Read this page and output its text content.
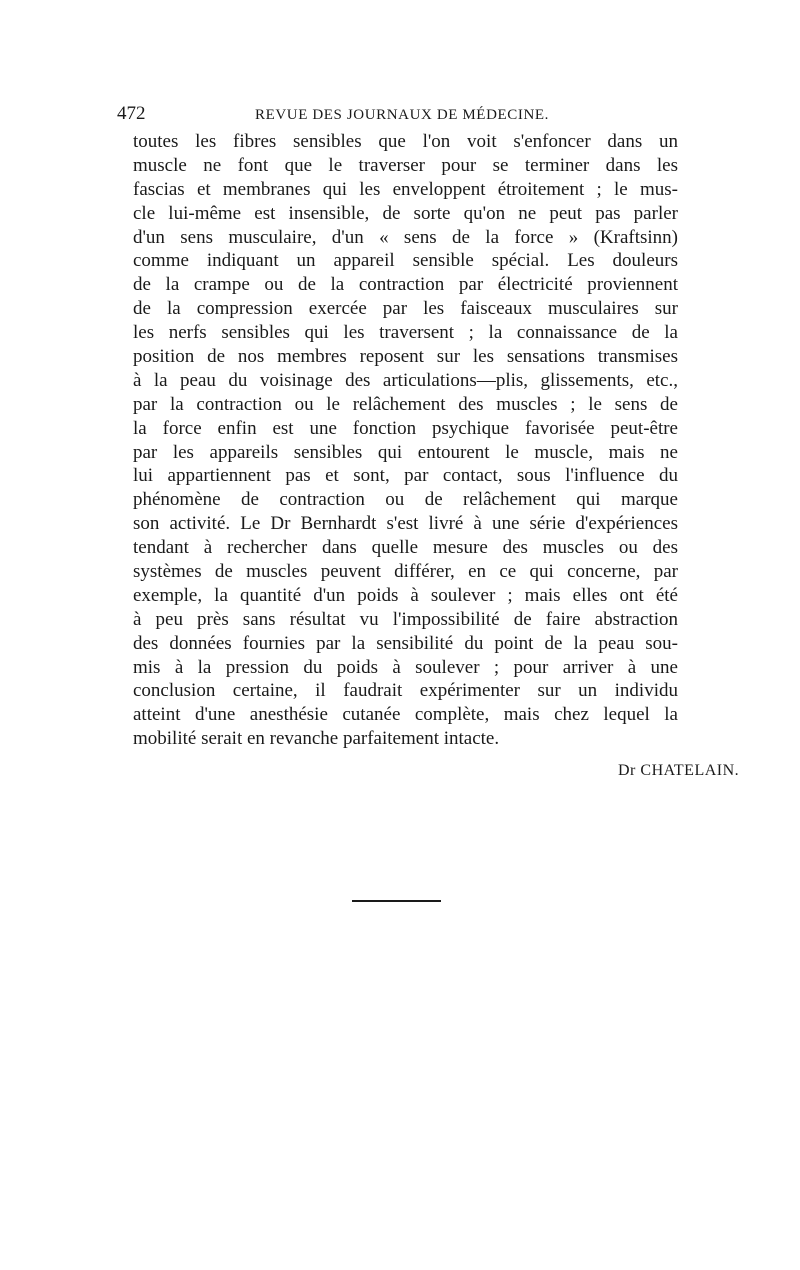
472	REVUE DES JOURNAUX DE MÉDECINE.
toutes les fibres sensibles que l'on voit s'enfoncer dans un
muscle ne font que le traverser pour se terminer dans les
fascias et membranes qui les enveloppent étroitement ; le mus-
cle lui-même est insensible, de sorte qu'on ne peut pas parler
d'un sens musculaire, d'un « sens de la force » (Kraftsinn)
comme indiquant un appareil sensible spécial. Les douleurs
de la crampe ou de la contraction par électricité proviennent
de la compression exercée par les faisceaux musculaires sur
les nerfs sensibles qui les traversent ; la connaissance de la
position de nos membres reposent sur les sensations transmises
à la peau du voisinage des articulations—plis, glissements, etc.,
par la contraction ou le relâchement des muscles ; le sens de
la force enfin est une fonction psychique favorisée peut-être
par les appareils sensibles qui entourent le muscle, mais ne
lui appartiennent pas et sont, par contact, sous l'influence du
phénomène de contraction ou de relâchement qui marque
son activité. Le Dr Bernhardt s'est livré à une série d'expériences
tendant à rechercher dans quelle mesure des muscles ou des
systèmes de muscles peuvent différer, en ce qui concerne, par
exemple, la quantité d'un poids à soulever ; mais elles ont été
à peu près sans résultat vu l'impossibilité de faire abstraction
des données fournies par la sensibilité du point de la peau sou-
mis à la pression du poids à soulever ; pour arriver à une
conclusion certaine, il faudrait expérimenter sur un individu
atteint d'une anesthésie cutanée complète, mais chez lequel la
mobilité serait en revanche parfaitement intacte.
Dr CHATELAIN.
